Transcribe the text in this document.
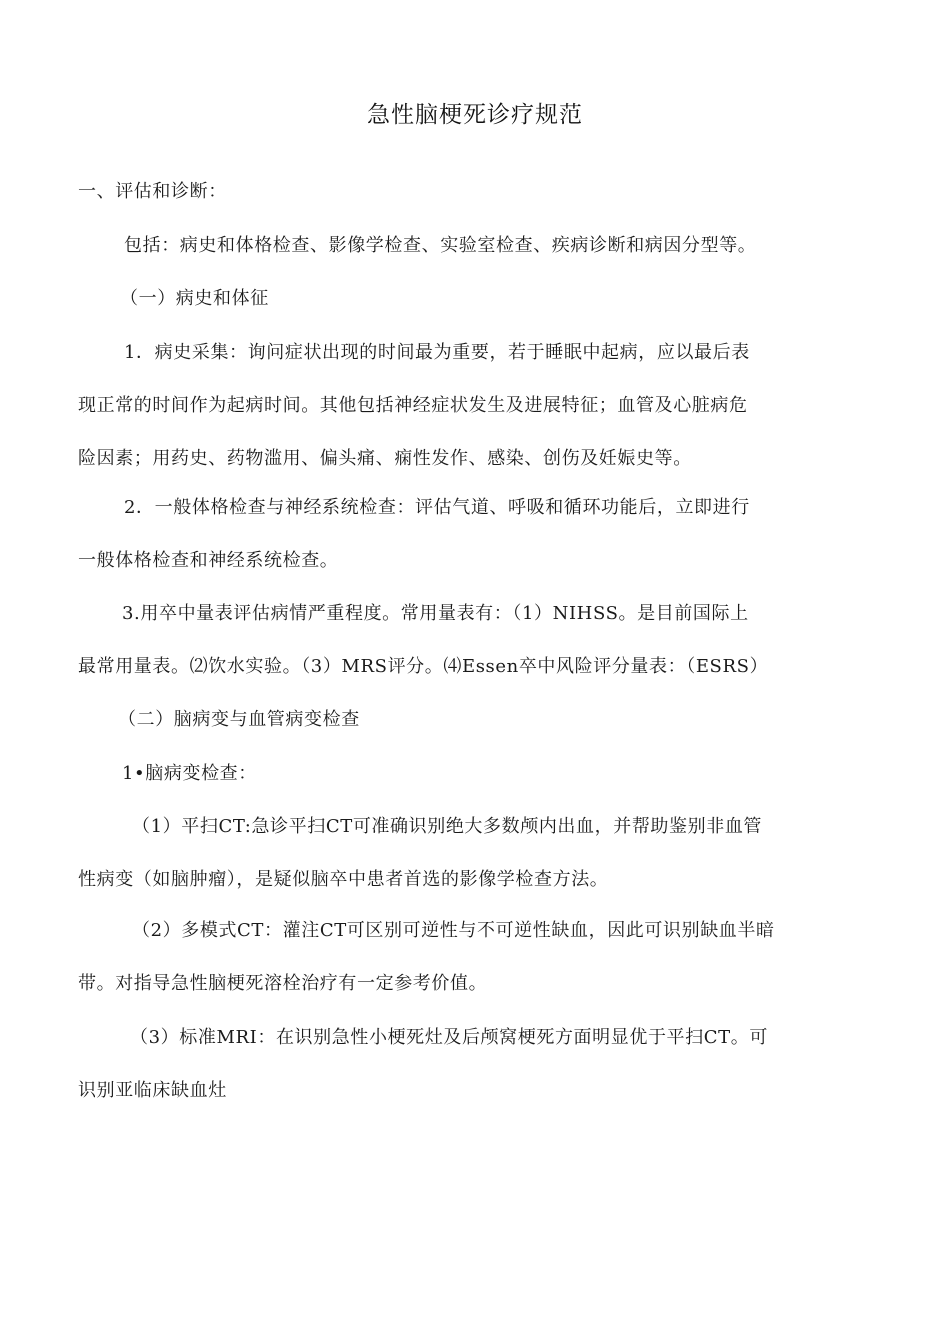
急性脑梗死诊疗规范
一、评估和诊断：
包括：病史和体格检查、影像学检查、实验室检查、疾病诊断和病因分型等。
（一）病史和体征
1．病史采集：询问症状出现的时间最为重要，若于睡眠中起病，应以最后表
现正常的时间作为起病时间。其他包括神经症状发生及进展特征；血管及心脏病危
险因素；用药史、药物滥用、偏头痛、痫性发作、感染、创伤及妊娠史等。
2．一般体格检查与神经系统检查：评估气道、呼吸和循环功能后，立即进行
一般体格检查和神经系统检查。
3.用卒中量表评估病情严重程度。常用量表有：（1）NIHSS。是目前国际上
最常用量表。⑵饮水实验。（3）MRS评分。⑷Essen卒中风险评分量表：（ESRS）
（二）脑病变与血管病变检查
1•脑病变检查：
（1）平扫CT:急诊平扫CT可准确识别绝大多数颅内出血，并帮助鉴别非血管
性病变（如脑肿瘤），是疑似脑卒中患者首选的影像学检查方法。
（2）多模式CT：灌注CT可区别可逆性与不可逆性缺血，因此可识别缺血半暗
带。对指导急性脑梗死溶栓治疗有一定参考价值。
（3）标准MRI：在识别急性小梗死灶及后颅窝梗死方面明显优于平扫CT。可
识别亚临床缺血灶
